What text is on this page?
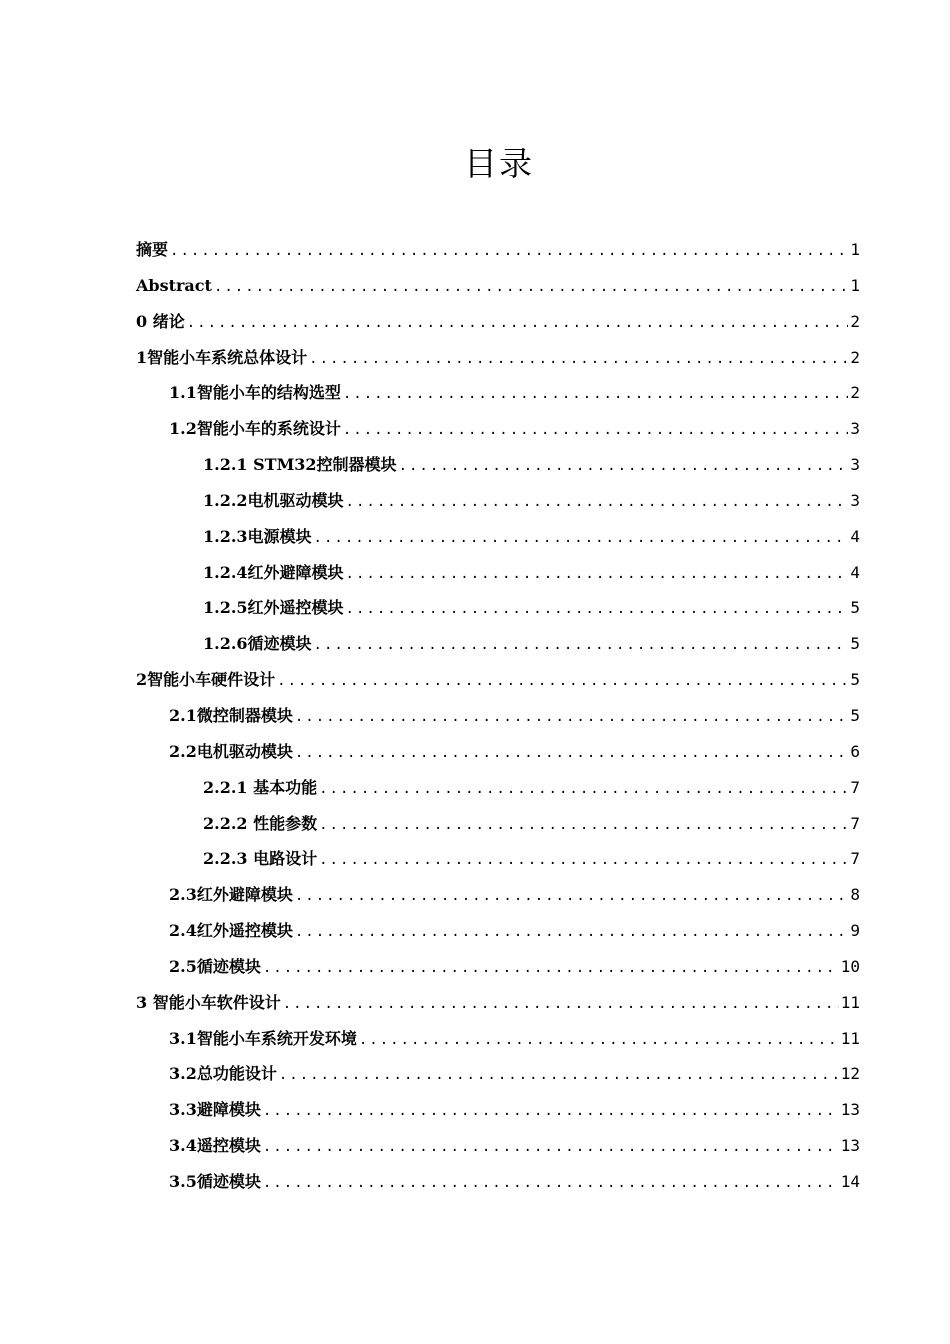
目录
摘要 .....	1
Abstract .....	1
0 绪论 .....	2
1智能小车系统总体设计 .....	2
1.1智能小车的结构选型 .....	2
1.2智能小车的系统设计 .....	3
1.2.1 STM32控制器模块 .....	3
1.2.2电机驱动模块 .....	3
1.2.3电源模块 .....	4
1.2.4红外避障模块 .....	4
1.2.5红外遥控模块 .....	5
1.2.6循迹模块 .....	5
2智能小车硬件设计 .....	5
2.1微控制器模块 .....	5
2.2电机驱动模块 .....	6
2.2.1 基本功能 .....	7
2.2.2 性能参数 .....	7
2.2.3 电路设计 .....	7
2.3红外避障模块 .....	8
2.4红外遥控模块 .....	9
2.5循迹模块 .....	10
3 智能小车软件设计 .....	11
3.1智能小车系统开发环境 .....	11
3.2总功能设计 .....	12
3.3避障模块 .....	13
3.4遥控模块 .....	13
3.5循迹模块 .....	14
